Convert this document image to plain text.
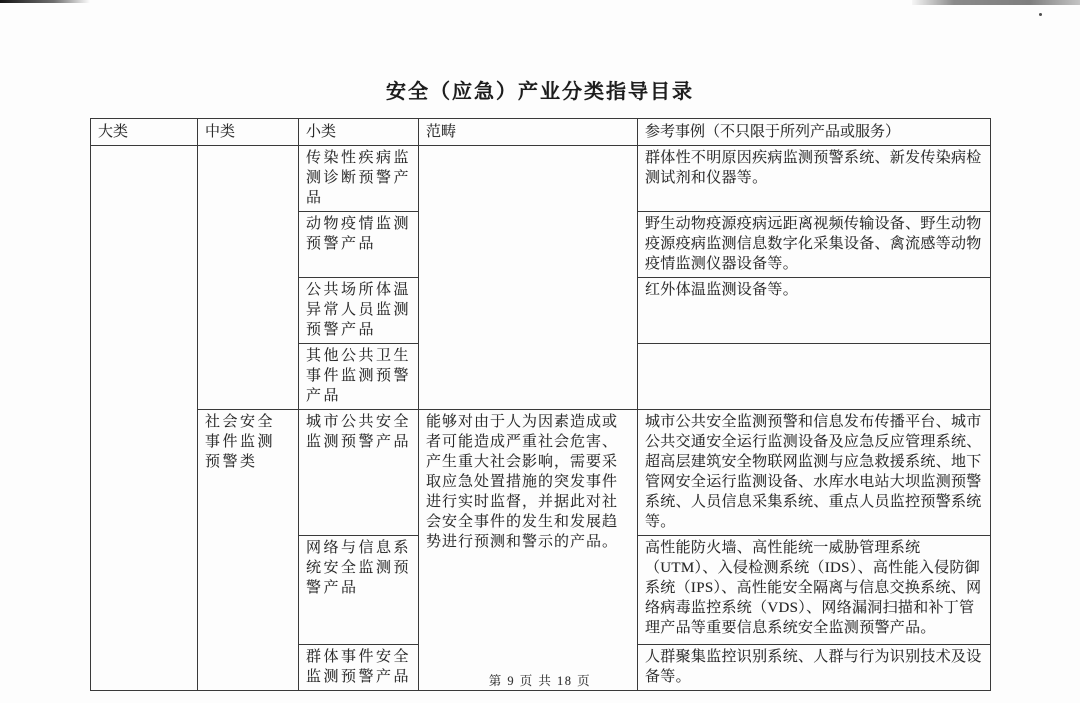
安全（应急）产业分类指导目录
大类	中类	小类	范畴	参考事例（不只限于所列产品或服务）
		传染性疾病监测诊断预警产品		群体性不明原因疾病监测预警系统、新发传染病检测试剂和仪器等。
		动物疫情监测预警产品		野生动物疫源疫病远距离视频传输设备、野生动物疫源疫病监测信息数字化采集设备、禽流感等动物疫情监测仪器设备等。
		公共场所体温异常人员监测预警产品		红外体温监测设备等。
		其他公共卫生事件监测预警产品		
	社会安全事件监测预警类	城市公共安全监测预警产品	能够对由于人为因素造成或者可能造成严重社会危害、产生重大社会影响，需要采取应急处置措施的突发事件进行实时监督，并据此对社会安全事件的发生和发展趋势进行预测和警示的产品。	城市公共安全监测预警和信息发布传播平台、城市公共交通安全运行监测设备及应急反应管理系统、超高层建筑安全物联网监测与应急救援系统、地下管网安全运行监测设备、水库水电站大坝监测预警系统、人员信息采集系统、重点人员监控预警系统等。
		网络与信息系统安全监测预警产品		高性能防火墙、高性能统一威胁管理系统（UTM）、入侵检测系统（IDS）、高性能入侵防御系统（IPS）、高性能安全隔离与信息交换系统、网络病毒监控系统（VDS）、网络漏洞扫描和补丁管理产品等重要信息系统安全监测预警产品。
		群体事件安全监测预警产品		人群聚集监控识别系统、人群与行为识别技术及设备等。
第 9 页 共 18 页
